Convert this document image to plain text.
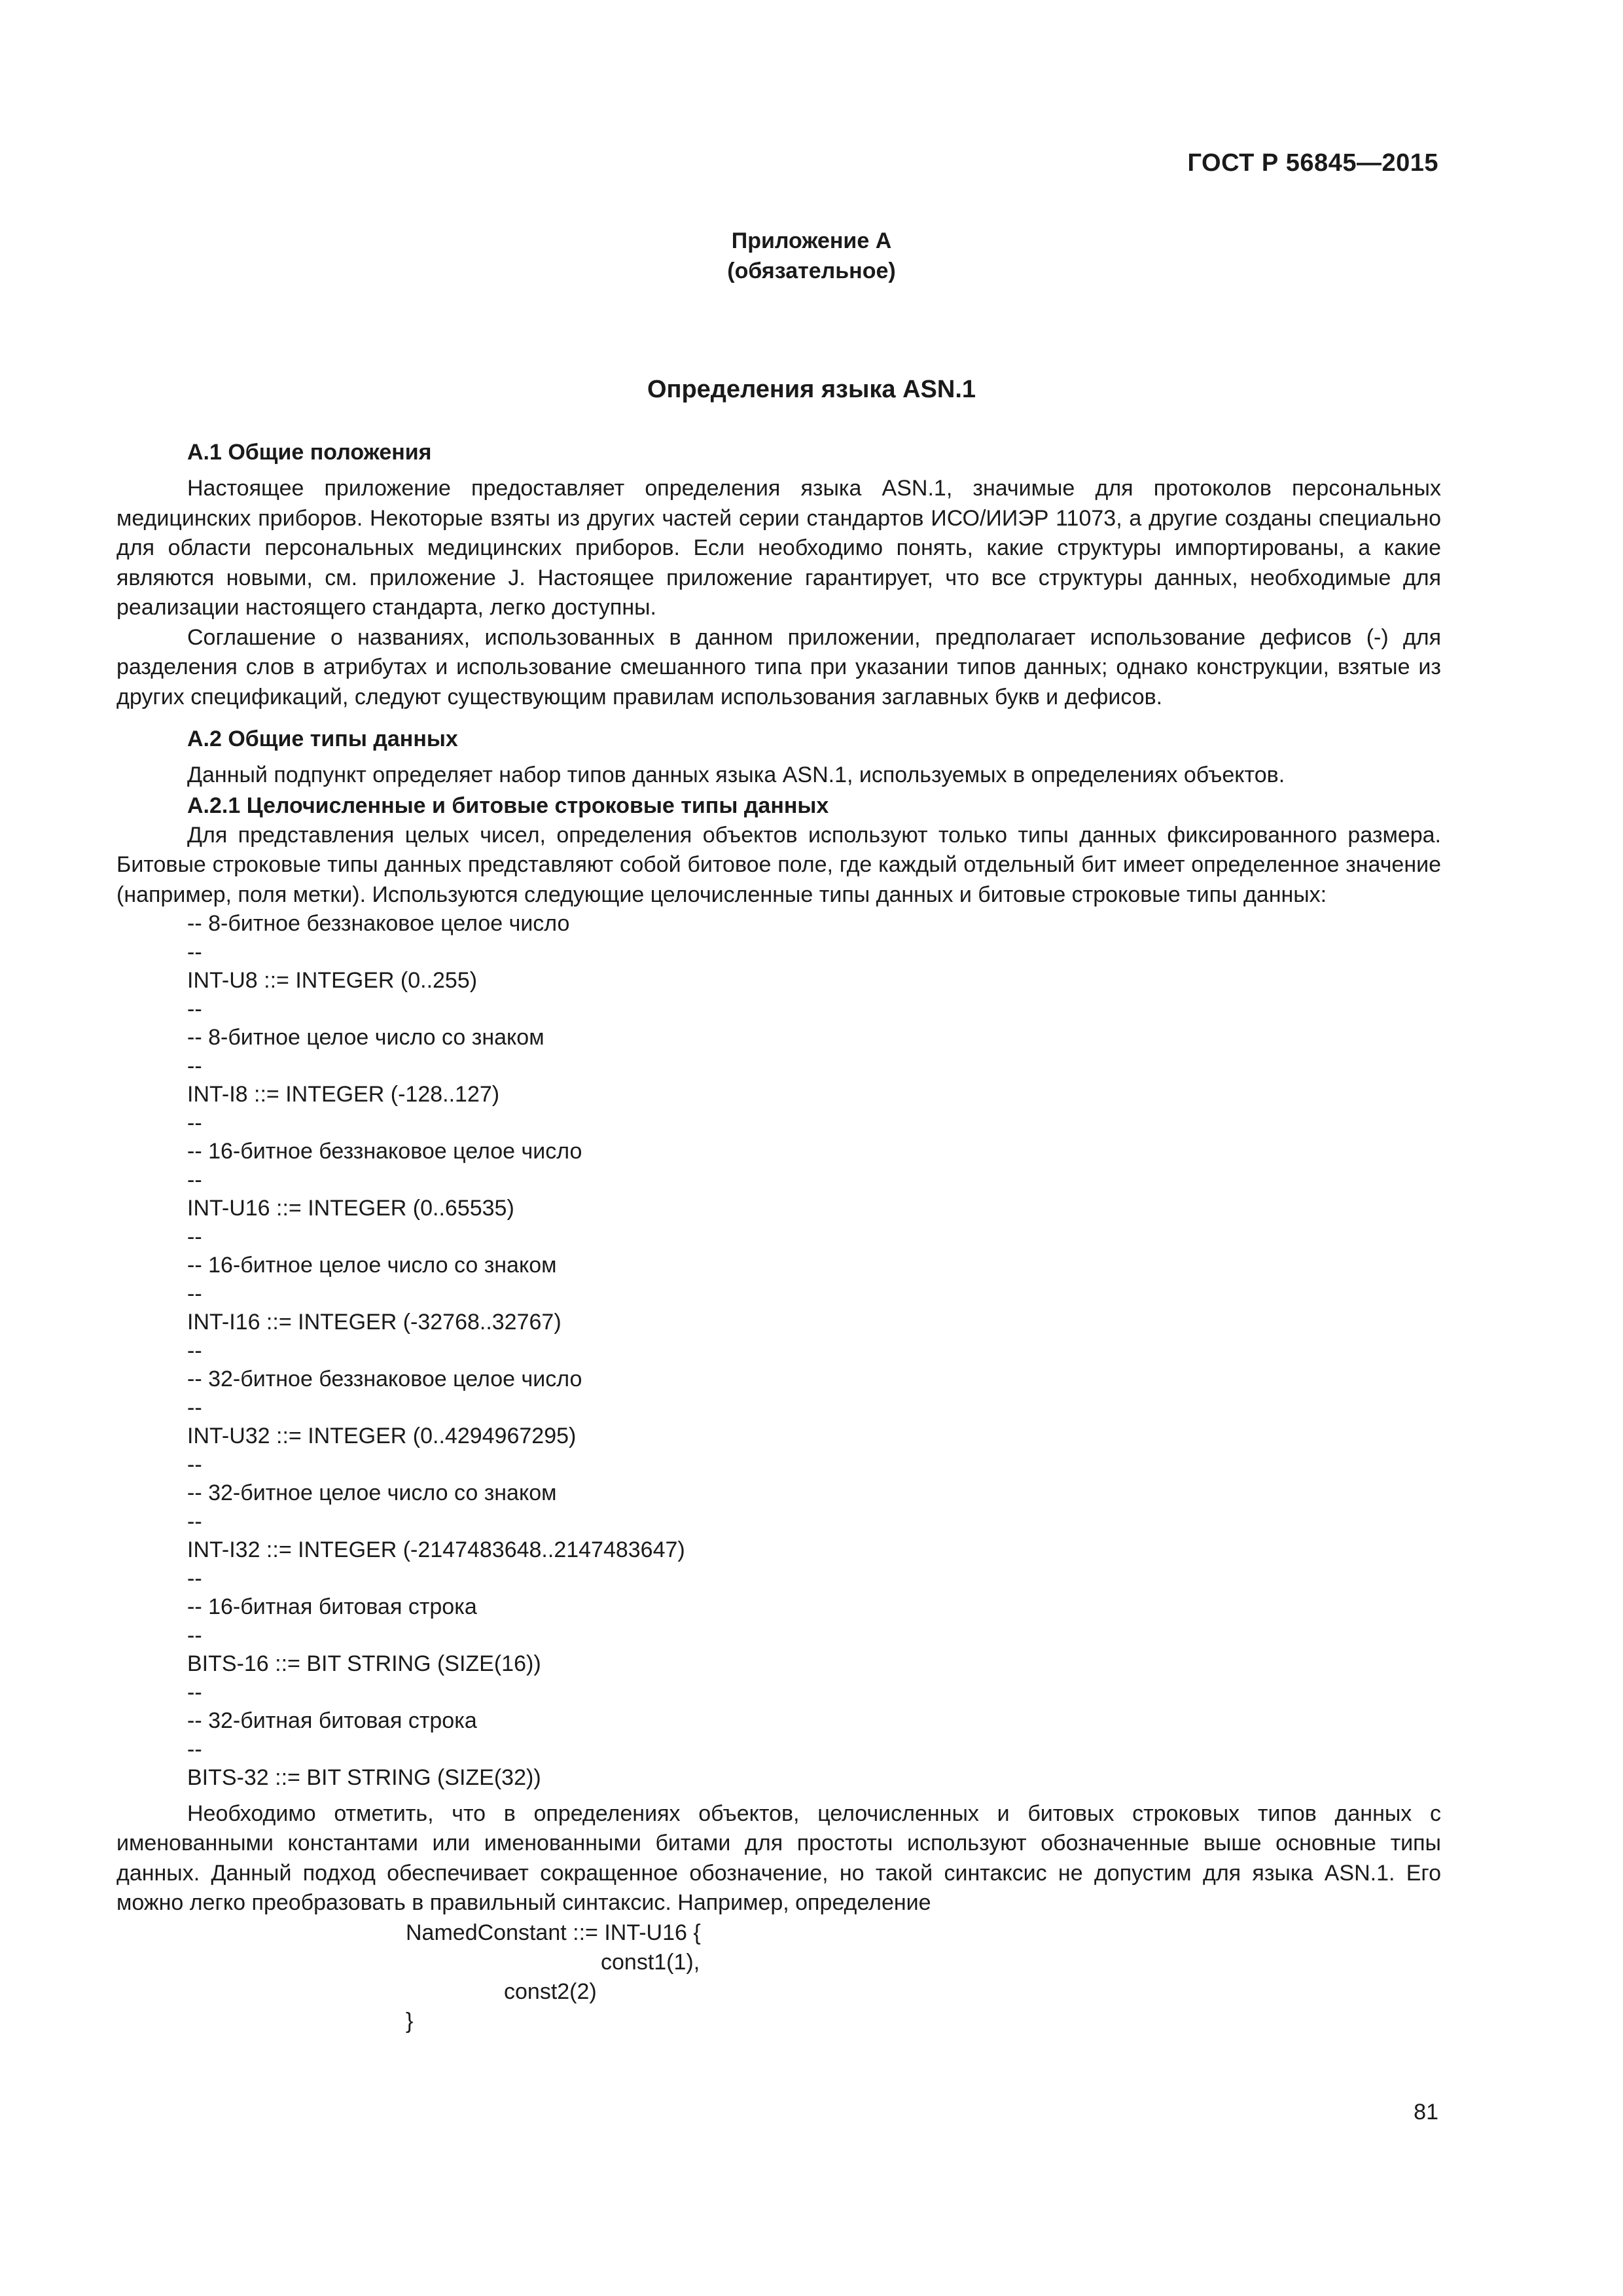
ГОСТ Р 56845—2015
Приложение А
(обязательное)
Определения языка ASN.1
А.1 Общие положения

Настоящее приложение предоставляет определения языка ASN.1, значимые для протоколов персональных медицинских приборов. Некоторые взяты из других частей серии стандартов ИСО/ИИЭР 11073, а другие созданы специально для области персональных медицинских приборов. Если необходимо понять, какие структуры импортированы, а какие являются новыми, см. приложение J. Настоящее приложение гарантирует, что все структуры данных, необходимые для реализации настоящего стандарта, легко доступны.

Соглашение о названиях, использованных в данном приложении, предполагает использование дефисов (-) для разделения слов в атрибутах и использование смешанного типа при указании типов данных; однако конструкции, взятые из других спецификаций, следуют существующим правилам использования заглавных букв и дефисов.

А.2 Общие типы данных

Данный подпункт определяет набор типов данных языка ASN.1, используемых в определениях объектов.

А.2.1 Целочисленные и битовые строковые типы данных

Для представления целых чисел, определения объектов используют только типы данных фиксированного размера. Битовые строковые типы данных представляют собой битовое поле, где каждый отдельный бит имеет определенное значение (например, поля метки). Используются следующие целочисленные типы данных и битовые строковые типы данных:

-- 8-битное беззнаковое целое число
--
INT-U8 ::= INTEGER (0..255)
--
-- 8-битное целое число со знаком
--
INT-I8 ::= INTEGER (-128..127)
--
-- 16-битное беззнаковое целое число
--
INT-U16 ::= INTEGER (0..65535)
--
-- 16-битное целое число со знаком
--
INT-I16 ::= INTEGER (-32768..32767)
--
-- 32-битное беззнаковое целое число
--
INT-U32 ::= INTEGER (0..4294967295)
--
-- 32-битное целое число со знаком
--
INT-I32 ::= INTEGER (-2147483648..2147483647)
--
-- 16-битная битовая строка
--
BITS-16 ::= BIT STRING (SIZE(16))
--
-- 32-битная битовая строка
--
BITS-32 ::= BIT STRING (SIZE(32))

Необходимо отметить, что в определениях объектов, целочисленных и битовых строковых типов данных с именованными константами или именованными битами для простоты используют обозначенные выше основные типы данных. Данный подход обеспечивает сокращенное обозначение, но такой синтаксис не допустим для языка ASN.1. Его можно легко преобразовать в правильный синтаксис. Например, определение

NamedConstant ::= INT-U16 {
const1(1),
const2(2)
}
81
